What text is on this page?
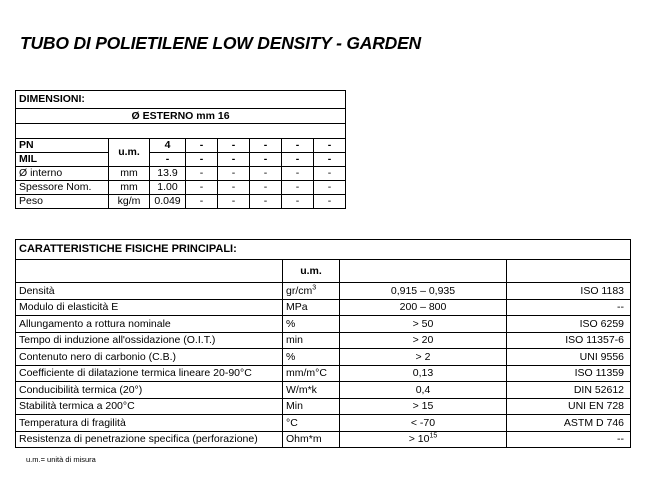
TUBO DI POLIETILENE LOW DENSITY - GARDEN
DIMENSIONI:							
Ø ESTERNO mm 16							

PN	u.m.	4	-	-	-	-	-
MIL		-	-	-	-	-	-
Ø interno	mm	13.9	-	-	-	-	-
Spessore Nom.	mm	1.00	-	-	-	-	-
Peso	kg/m	0.049	-	-	-	-	-
CARATTERISTICHE FISICHE PRINCIPALI:			
	u.m.		
Densità	$gr/cm^3$	0,915 – 0,935	ISO 1183
Modulo di elasticità E	MPa	200 – 800	--
Allungamento a rottura nominale	%	> 50	ISO 6259
Tempo di induzione all'ossidazione (O.I.T.)	min	> 20	ISO 11357-6
Contenuto nero di carbonio (C.B.)	%	> 2	UNI 9556
Coefficiente di dilatazione termica lineare 20-90°C	mm/m°C	0,13	ISO 11359
Conducibilità termica (20°)	W/m*k	0,4	DIN 52612
Stabilità termica a 200°C	Min	> 15	UNI EN 728
Temperatura di fragilità	°C	< -70	ASTM D 746
Resistenza di penetrazione specifica (perforazione)	Ohm*m	> $10^{15}$	--
u.m.= unità di misura
